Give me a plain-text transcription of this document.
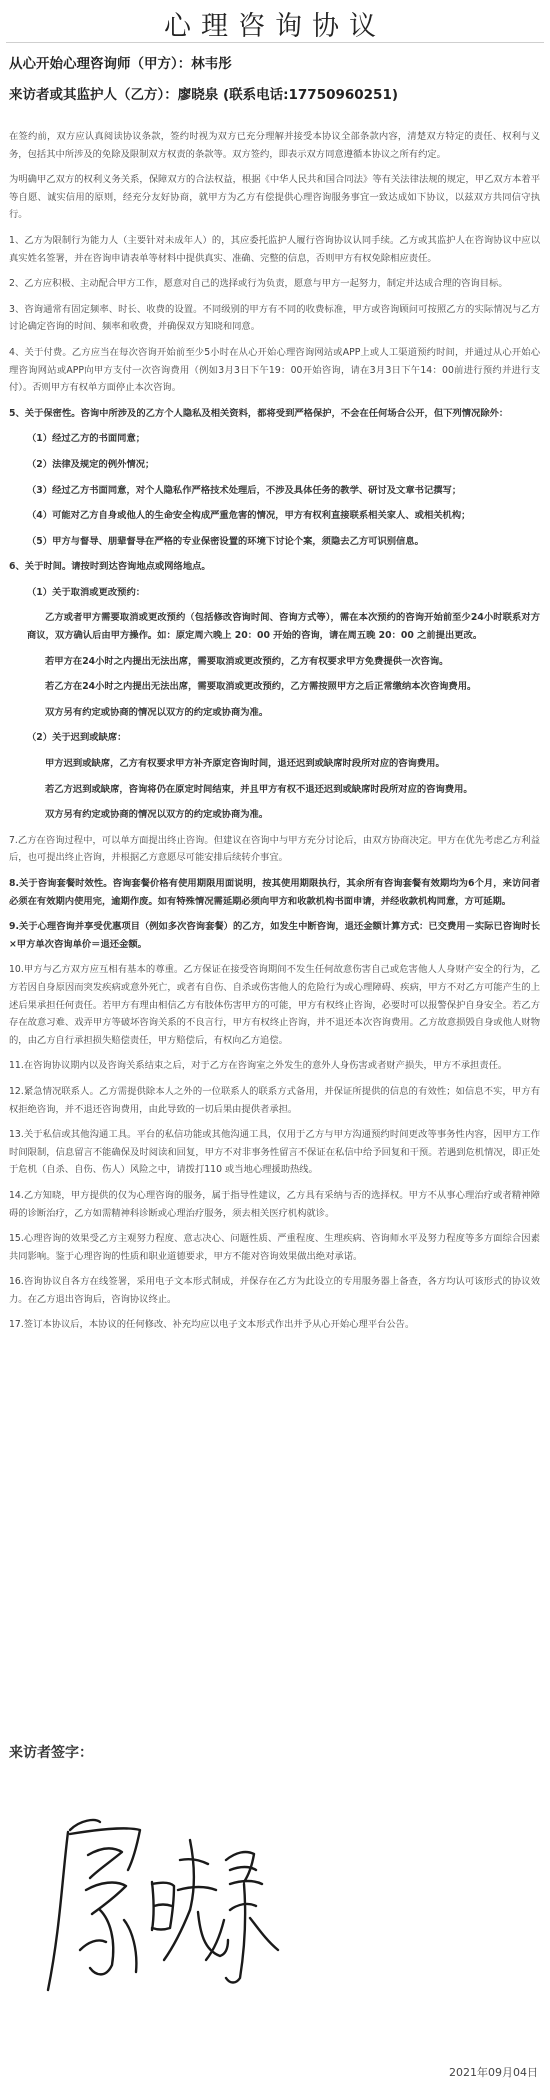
心理咨询协议
从心开始心理咨询师（甲方）：林韦彤
来访者或其监护人（乙方）：廖晓泉 (联系电话:17750960251)

在签约前，双方应认真阅读协议条款，签约时视为双方已充分理解并接受本协议全部条款内容，清楚双方特定的责任、权利与义务，包括其中所涉及的免除及限制双方权责的条款等。双方签约，即表示双方同意遵循本协议之所有约定。

为明确甲乙双方的权利义务关系，保障双方的合法权益，根据《中华人民共和国合同法》等有关法律法规的规定，甲乙双方本着平等自愿、诚实信用的原则，经充分友好协商，就甲方为乙方有偿提供心理咨询服务事宜一致达成如下协议，以兹双方共同信守执行。

1、乙方为限制行为能力人（主要针对未成年人）的，其应委托监护人履行咨询协议认同手续。乙方或其监护人在咨询协议中应以真实姓名签署，并在咨询申请表单等材料中提供真实、准确、完整的信息，否则甲方有权免除相应责任。

2、乙方应积极、主动配合甲方工作，愿意对自己的选择或行为负责，愿意与甲方一起努力，制定并达成合理的咨询目标。

3、咨询通常有固定频率、时长、收费的设置。不同级别的甲方有不同的收费标准，甲方或咨询顾问可按照乙方的实际情况与乙方讨论确定咨询的时间、频率和收费，并确保双方知晓和同意。

4、关于付费。乙方应当在每次咨询开始前至少5小时在从心开始心理咨询网站或APP上或人工渠道预约时间，并通过从心开始心理咨询网站或APP向甲方支付一次咨询费用（例如3月3日下午19：00开始咨询，请在3月3日下午14：00前进行预约并进行支付）。否则甲方有权单方面停止本次咨询。

5、关于保密性。咨询中所涉及的乙方个人隐私及相关资料，都将受到严格保护，不会在任何场合公开，但下列情况除外：

（1）经过乙方的书面同意；

（2）法律及规定的例外情况；

（3）经过乙方书面同意，对个人隐私作严格技术处理后，不涉及具体任务的教学、研讨及文章书记撰写；

（4）可能对乙方自身或他人的生命安全构成严重危害的情况，甲方有权利直接联系相关家人、或相关机构；

（5）甲方与督导、朋辈督导在严格的专业保密设置的环境下讨论个案，须隐去乙方可识别信息。

6、关于时间。请按时到达咨询地点或网络地点。

（1）关于取消或更改预约：

乙方或者甲方需要取消或更改预约（包括修改咨询时间、咨询方式等），需在本次预约的咨询开始前至少24小时联系对方商议，双方确认后由甲方操作。如：原定周六晚上 20：00 开始的咨询，请在周五晚 20：00 之前提出更改。

若甲方在24小时之内提出无法出席，需要取消或更改预约，乙方有权要求甲方免费提供一次咨询。

若乙方在24小时之内提出无法出席，需要取消或更改预约，乙方需按照甲方之后正常缴纳本次咨询费用。

双方另有约定或协商的情况以双方的约定或协商为准。

（2）关于迟到或缺席：

甲方迟到或缺席，乙方有权要求甲方补齐原定咨询时间，退还迟到或缺席时段所对应的咨询费用。

若乙方迟到或缺席，咨询将仍在原定时间结束，并且甲方有权不退还迟到或缺席时段所对应的咨询费用。

双方另有约定或协商的情况以双方的约定或协商为准。

7.乙方在咨询过程中，可以单方面提出终止咨询。但建议在咨询中与甲方充分讨论后，由双方协商决定。甲方在优先考虑乙方利益后，也可提出终止咨询，并根据乙方意愿尽可能安排后续转介事宜。

8.关于咨询套餐时效性。咨询套餐价格有使用期限用面说明，按其使用期限执行，其余所有咨询套餐有效期均为6个月，来访问者必须在有效期内使用完，逾期作废。如有特殊情况需延期必须向甲方和收款机构书面申请，并经收款机构同意，方可延期。

9.关于心理咨询并享受优惠项目（例如多次咨询套餐）的乙方，如发生中断咨询，退还金额计算方式：已交费用－实际已咨询时长×甲方单次咨询单价＝退还金额。

10.甲方与乙方双方应互相有基本的尊重。乙方保证在接受咨询期间不发生任何故意伤害自己或危害他人人身财产安全的行为，乙方若因自身原因而突发疾病或意外死亡，或者有自伤、自杀或伤害他人的危险行为或心理障碍、疾病，甲方不对乙方可能产生的上述后果承担任何责任。若甲方有理由相信乙方有肢体伤害甲方的可能，甲方有权终止咨询，必要时可以报警保护自身安全。若乙方存在故意习难、戏弄甲方等破坏咨询关系的不良言行，甲方有权终止咨询，并不退还本次咨询费用。乙方故意损毁自身或他人财物的，由乙方自行承担损失赔偿责任，甲方赔偿后，有权向乙方追偿。

11.在咨询协议期内以及咨询关系结束之后，对于乙方在咨询室之外发生的意外人身伤害或者财产损失，甲方不承担责任。

12.紧急情况联系人。乙方需提供除本人之外的一位联系人的联系方式备用，并保证所提供的信息的有效性；如信息不实，甲方有权拒绝咨询，并不退还咨询费用，由此导致的一切后果由提供者承担。

13.关于私信或其他沟通工具。平台的私信功能或其他沟通工具，仅用于乙方与甲方沟通预约时间更改等事务性内容，因甲方工作时间限制，信息留言不能确保及时阅读和回复，甲方不对非事务性留言不保证在私信中给予回复和干预。若遇到危机情况，即正处于危机（自杀、自伤、伤人）风险之中，请拨打110 或当地心理援助热线。

14.乙方知晓，甲方提供的仅为心理咨询的服务，属于指导性建议，乙方具有采纳与否的选择权。甲方不从事心理治疗或者精神障碍的诊断治疗，乙方如需精神科诊断或心理治疗服务，须去相关医疗机构就诊。

15.心理咨询的效果受乙方主观努力程度、意志决心、问题性质、严重程度、生理疾病、咨询师水平及努力程度等多方面综合因素共同影响。鉴于心理咨询的性质和职业道德要求，甲方不能对咨询效果做出绝对承诺。

16.咨询协议自各方在线签署，采用电子文本形式制成，并保存在乙方为此设立的专用服务器上备查，各方均认可该形式的协议效力。在乙方退出咨询后，咨询协议终止。

17.签订本协议后，本协议的任何修改、补充均应以电子文本形式作出并予从心开始心理平台公告。

来访者签字：
2021年09月04日
